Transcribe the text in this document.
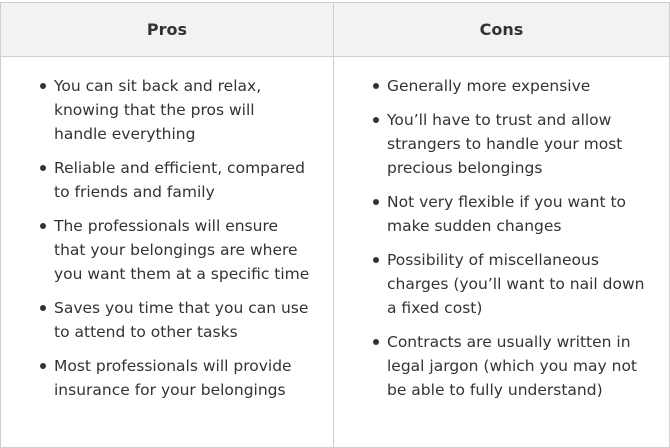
Pros	Cons
You can sit back and relax, knowing that the pros will handle everything
Reliable and efficient, compared to friends and family
The professionals will ensure that your belongings are where you want them at a specific time
Saves you time that you can use to attend to other tasks
Most professionals will provide insurance for your belongings
Generally more expensive
You’ll have to trust and allow strangers to handle your most precious belongings
Not very flexible if you want to make sudden changes
Possibility of miscellaneous charges (you’ll want to nail down a fixed cost)
Contracts are usually written in legal jargon (which you may not be able to fully understand)
